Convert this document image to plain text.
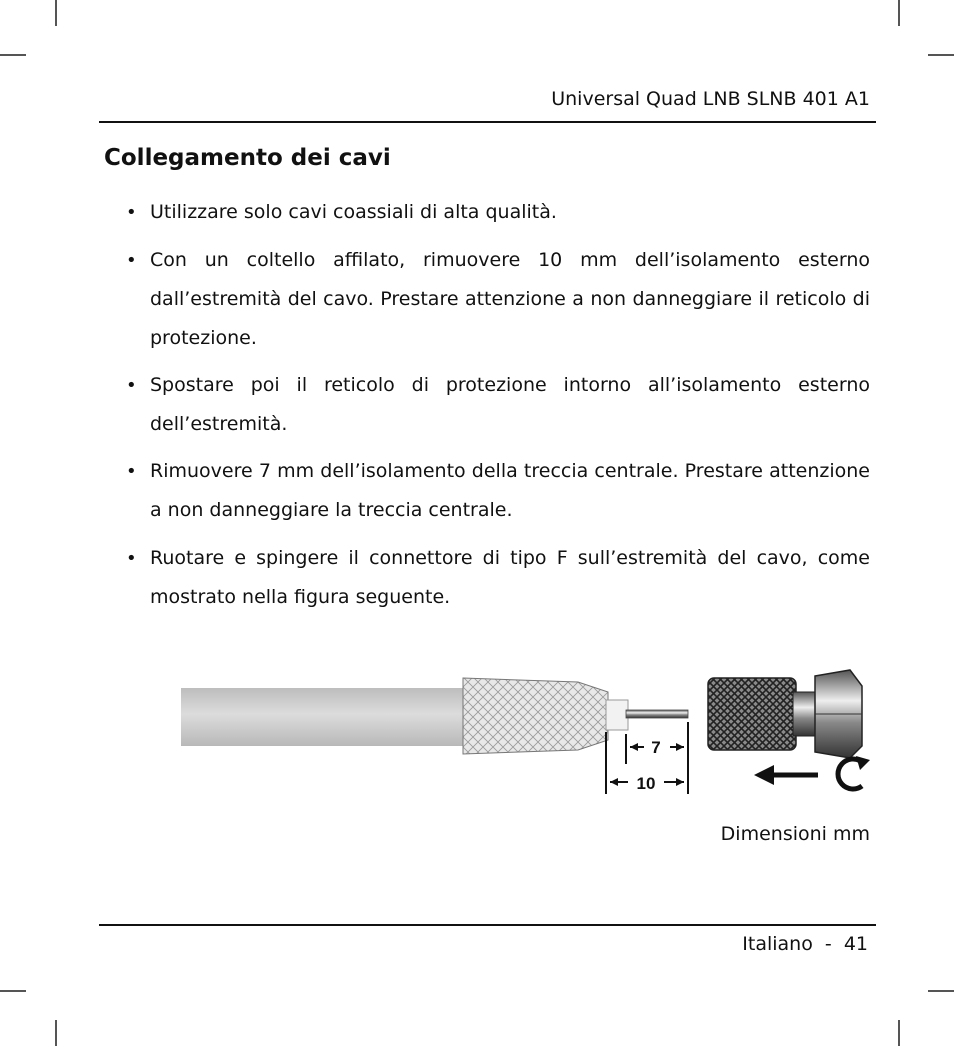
Universal Quad LNB SLNB 401 A1
Collegamento dei cavi
• Utilizzare solo cavi coassiali di alta qualità.
• Con un coltello affilato, rimuovere 10 mm dell’isolamento esterno dall’estremità del cavo. Prestare attenzione a non danneggiare il reticolo di protezione.
• Spostare poi il reticolo di protezione intorno all’isolamento esterno dell’estremità.
• Rimuovere 7 mm dell’isolamento della treccia centrale. Prestare attenzione a non danneggiare la treccia centrale.
• Ruotare e spingere il connettore di tipo F sull’estremità del cavo, come mostrato nella figura seguente.
7
10
Dimensioni mm
Italiano - 41
